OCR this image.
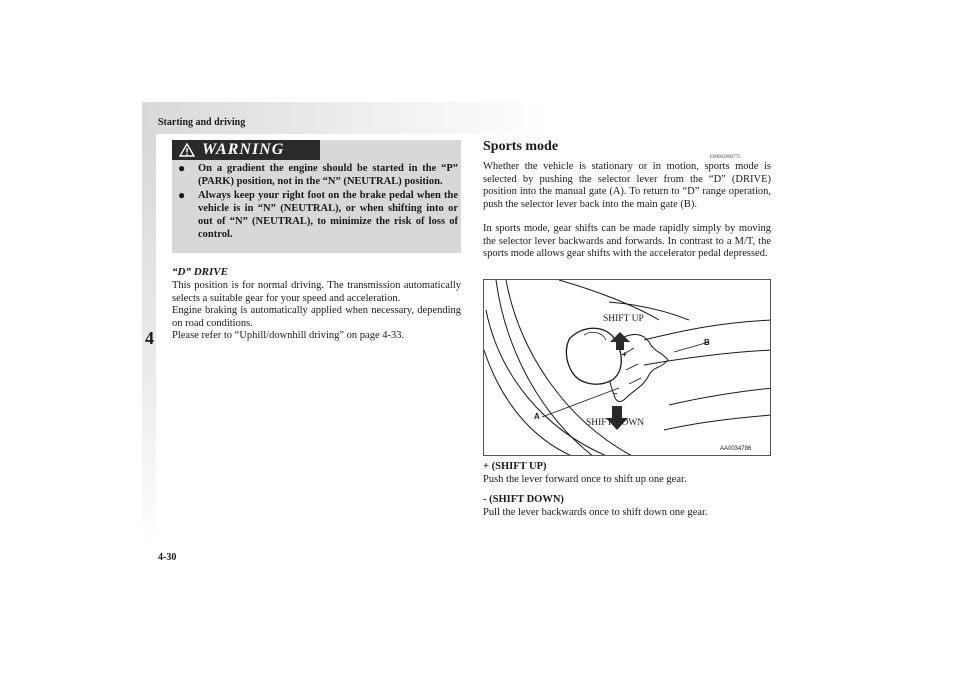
Starting and driving
4
WARNING
● On a gradient the engine should be started in the “P” (PARK) position, not in the “N” (NEUTRAL) position.
● Always keep your right foot on the brake pedal when the vehicle is in “N” (NEUTRAL), or when shifting into or out of “N” (NEUTRAL), to minimize the risk of loss of control.
“D” DRIVE

This position is for normal driving. The transmission automatically selects a suitable gear for your speed and acceleration.

Engine braking is automatically applied when necessary, depending on road conditions.

Please refer to “Uphill/downhill driving” on page 4-33.

Sports mode
E00603900775

Whether the vehicle is stationary or in motion, sports mode is selected by pushing the selector lever from the “D” (DRIVE) position into the manual gate (A). To return to “D” range operation, push the selector lever back into the main gate (B).

In sports mode, gear shifts can be made rapidly simply by moving the selector lever backwards and forwards. In contrast to a M/T, the sports mode allows gear shifts with the accelerator pedal depressed.

SHIFT UP
SHIFT DOWN
B
A
+
–
AA0034786
+ (SHIFT UP)
Push the lever forward once to shift up one gear.
- (SHIFT DOWN)
Pull the lever backwards once to shift down one gear.
4-30
